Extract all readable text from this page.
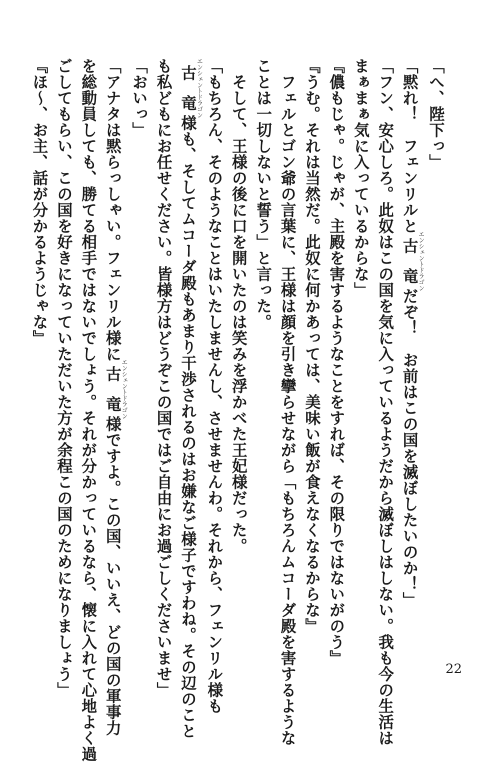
「へ、陛下っ」
「黙れ！　フェンリルと古竜エンシェントドラゴンだぞ！　お前はこの国を滅ぼしたいのか！」
「フン、安心しろ。此奴はこの国を気に入っているようだから滅ぼしはしない。我も今の生活は
まぁまぁ気に入っているからな」
『儂もじゃ。じゃが、主殿を害するようなことをすれば、その限りではないがのう』
『うむ。それは当然だ。此奴に何かあっては、美味い飯が食えなくなるからな』
　フェルとゴン爺の言葉に、王様は顔を引き攣らせながら「もちろんムコーダ殿を害するような
ことは一切しないと誓う」と言った。
　そして、王様の後に口を開いたのは笑みを浮かべた王妃様だった。
「もちろん、そのようなことはいたしませんし、させませんわ。それから、フェンリル様も
古竜エンシェントドラゴン様も、そしてムコーダ殿もあまり干渉されるのはお嫌なご様子ですわね。その辺のこと
も私どもにお任せください。皆様方はどうぞこの国ではご自由にお過ごしくださいませ」
「おいっ」
「アナタは黙らっしゃい。フェンリル様に古竜エンシェントドラゴン様ですよ。この国、いいえ、どの国の軍事力
を総動員しても、勝てる相手ではないでしょう。それが分かっているなら、懐に入れて心地よく過
ごしてもらい、この国を好きになっていただいた方が余程この国のためになりましょう」
『ほ～、お主、話が分かるようじゃな』
22
